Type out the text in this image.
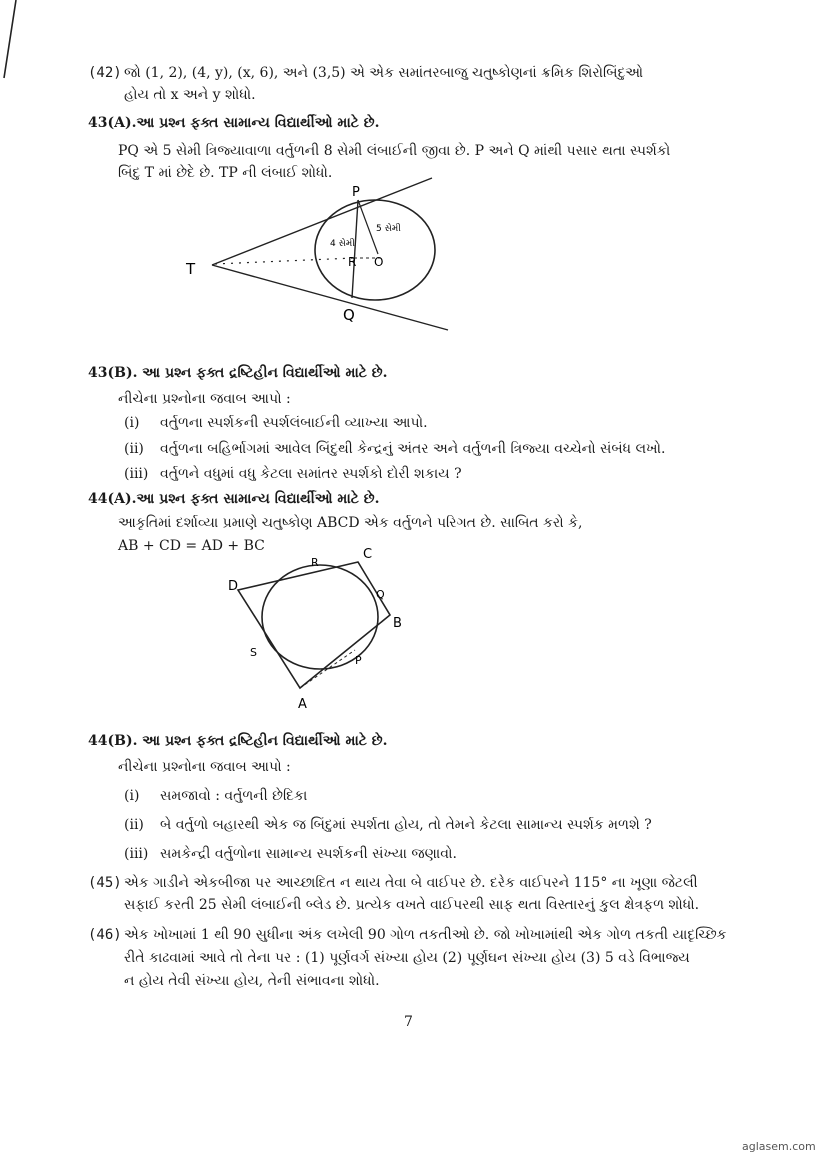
(42) જો (1, 2), (4, y), (x, 6), અને (3,5) એ એક સમાંતરબાજુ ચતુષ્કોણનાં ક્રમિક શિરોબિંદુઓ
હોય તો x અને y શોધો.
43(A).આ પ્રશ્ન ફક્ત સામાન્ય વિદ્યાર્થીઓ માટે છે.
PQ એ 5 સેમી ત્રિજ્યાવાળા વર્તુળની 8 સેમી લંબાઈની જીવા છે. P અને Q માંથી પસાર થતા સ્પર્શકો
બિંદુ T માં છેદે છે. TP ની લંબાઈ શોધો.
T
P
Q
R O
4 સેમી
5 સેમી
43(B). આ પ્રશ્ન ફક્ત દ્રષ્ટિહીન વિદ્યાર્થીઓ માટે છે.
નીચેના પ્રશ્નોના જવાબ આપો :
(i) વર્તુળના સ્પર્શકની સ્પર્શલંબાઈની વ્યાખ્યા આપો.
(ii) વર્તુળના બહિર્ભાગમાં આવેલ બિંદુથી કેન્દ્રનું અંતર અને વર્તુળની ત્રિજ્યા વચ્ચેનો સંબંધ લખો.
(iii) વર્તુળને વધુમાં વધુ કેટલા સમાંતર સ્પર્શકો દોરી શકાય ?
44(A).આ પ્રશ્ન ફક્ત સામાન્ય વિદ્યાર્થીઓ માટે છે.
આકૃતિમાં દર્શાવ્યા પ્રમાણે ચતુષ્કોણ ABCD એક વર્તુળને પરિગત છે. સાબિત કરો કે,
AB + CD = AD + BC
A
B
C
D
P
Q
R
S
44(B). આ પ્રશ્ન ફક્ત દ્રષ્ટિહીન વિદ્યાર્થીઓ માટે છે.
નીચેના પ્રશ્નોના જવાબ આપો :
(i) સમજાવો : વર્તુળની છેદિકા
(ii) બે વર્તુળો બહારથી એક જ બિંદુમાં સ્પર્શતા હોય, તો તેમને કેટલા સામાન્ય સ્પર્શક મળશે ?
(iii) સમકેન્દ્રી વર્તુળોના સામાન્ય સ્પર્શકની સંખ્યા જણાવો.
(45) એક ગાડીને એકબીજા પર આચ્છાદિત ન થાય તેવા બે વાઈપર છે. દરેક વાઈપરને 115° ના ખૂણા જેટલી
સફાઈ કરતી 25 સેમી લંબાઈની બ્લેડ છે. પ્રત્યેક વખતે વાઈપરથી સાફ થતા વિસ્તારનું કુલ ક્ષેત્રફળ શોધો.
(46) એક ખોખામાં 1 થી 90 સુધીના અંક લખેલી 90 ગોળ તકતીઓ છે. જો ખોખામાંથી એક ગોળ તકતી યાદૃચ્છિક
રીતે કાઢવામાં આવે તો તેના પર : (1) પૂર્ણવર્ગ સંખ્યા હોય (2) પૂર્ણઘન સંખ્યા હોય (3) 5 વડે વિભાજ્ય
ન હોય તેવી સંખ્યા હોય, તેની સંભાવના શોધો.
7
aglasem.com
